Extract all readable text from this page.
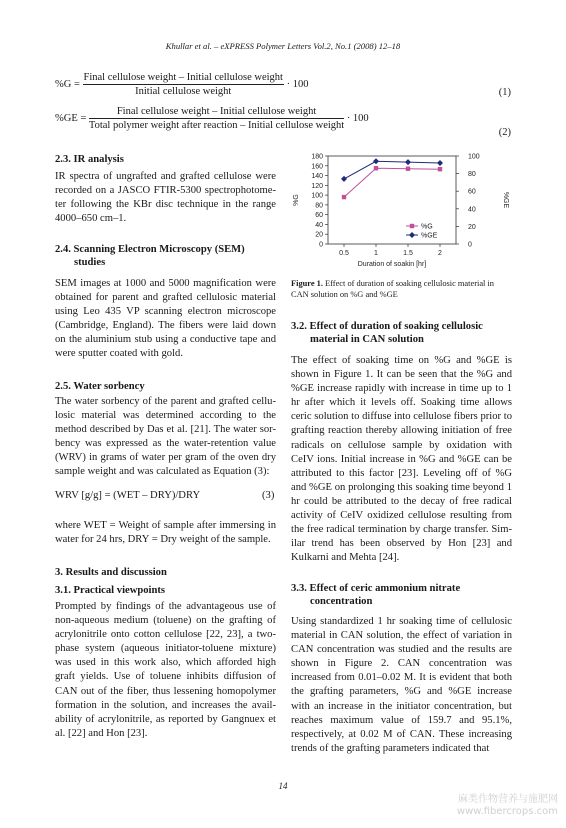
Khullar et al. – eXPRESS Polymer Letters Vol.2, No.1 (2008) 12–18
$\%G = \frac{\text{Final cellulose weight – Initial cellulose weight}}{\text{Initial cellulose weight}} \cdot 100$
(1)
%GE =
Final cellulose weight – Initial cellulose weight
Total polymer weight after reaction – Initial cellulose weight
· 100
(2)
2.3. IR analysis

IR spectra of ungrafted and grafted cellulose were recorded on a JASCO FTIR-5300 spectrophotome-ter following the KBr disc technique in the range 4000–650 cm–1.

2.4. Scanning Electron Microscopy (SEM)
studies

SEM images at 1000 and 5000 magnification were obtained for parent and grafted cellulosic material using Leo 435 VP scanning electron microscope (Cambridge, England). The fibers were laid down on the aluminium stub using a conductive tape and were sputter coated with gold.

2.5. Water sorbency

The water sorbency of the parent and grafted cellu-losic material was determined according to the method described by Das et al. [21]. The water sor-bency was expressed as the water-retention value (WRV) in grams of water per gram of the oven dry sample weight and was calculated as Equation (3):

WRV [g/g] = (WET – DRY)/DRY	(3)

where WET = Weight of sample after immersing in water for 24 hrs, DRY = Dry weight of the sample.

3. Results and discussion
3.1. Practical viewpoints

Prompted by findings of the advantageous use of non-aqueous medium (toluene) on the grafting of acrylonitrile onto cotton cellulose [22, 23], a two-phase system (aqueous initiator-toluene mixture) was used in this work also, which afforded high graft yields. Use of toluene inhibits diffusion of CAN out of the fiber, thus lessening homopolymer formation in the solution, and increases the avail-ability of acrylonitrile, as reported by Gangnuex et al. [22] and Hon [23].

0
20
40
60
80
100
120
140
160
180
0
20
40
60
80
100
0.5	1	1.5	2
Duration of soakin [hr]
%G	%GE
%G
%GE
Figure 1. Effect of duration of soaking cellulosic material in CAN solution on %G and %GE
3.2. Effect of duration of soaking cellulosic
material in CAN solution

The effect of soaking time on %G and %GE is shown in Figure 1. It can be seen that the %G and %GE increase rapidly with increase in time up to 1 hr after which it levels off. Soaking time allows ceric solution to diffuse into cellulose fibers prior to grafting reaction thereby allowing initiation of free radicals on cellulose sample by oxidation with CeIV ions. Initial increase in %G and %GE can be attributed to this factor [23]. Leveling off of %G and %GE on prolonging this soaking time beyond 1 hr could be attributed to the decay of free radical activity of CeIV oxidized cellulose resulting from the free radical termination by charge transfer. Sim-ilar trend has been observed by Hon [23] and Kulkarni and Mehta [24].

3.3. Effect of ceric ammonium nitrate
concentration

Using standardized 1 hr soaking time of cellulosic material in CAN solution, the effect of variation in CAN concentration was studied and the results are shown in Figure 2. CAN concentration was increased from 0.01–0.02 M. It is evident that both the grafting parameters, %G and %GE increase with an increase in the initiator concentration, but reaches maximum value of 159.7 and 95.1%, respectively, at 0.02 M of CAN. These increasing trends of the grafting parameters indicated that

14
麻类作物营养与施肥网
www.fibercrops.com
